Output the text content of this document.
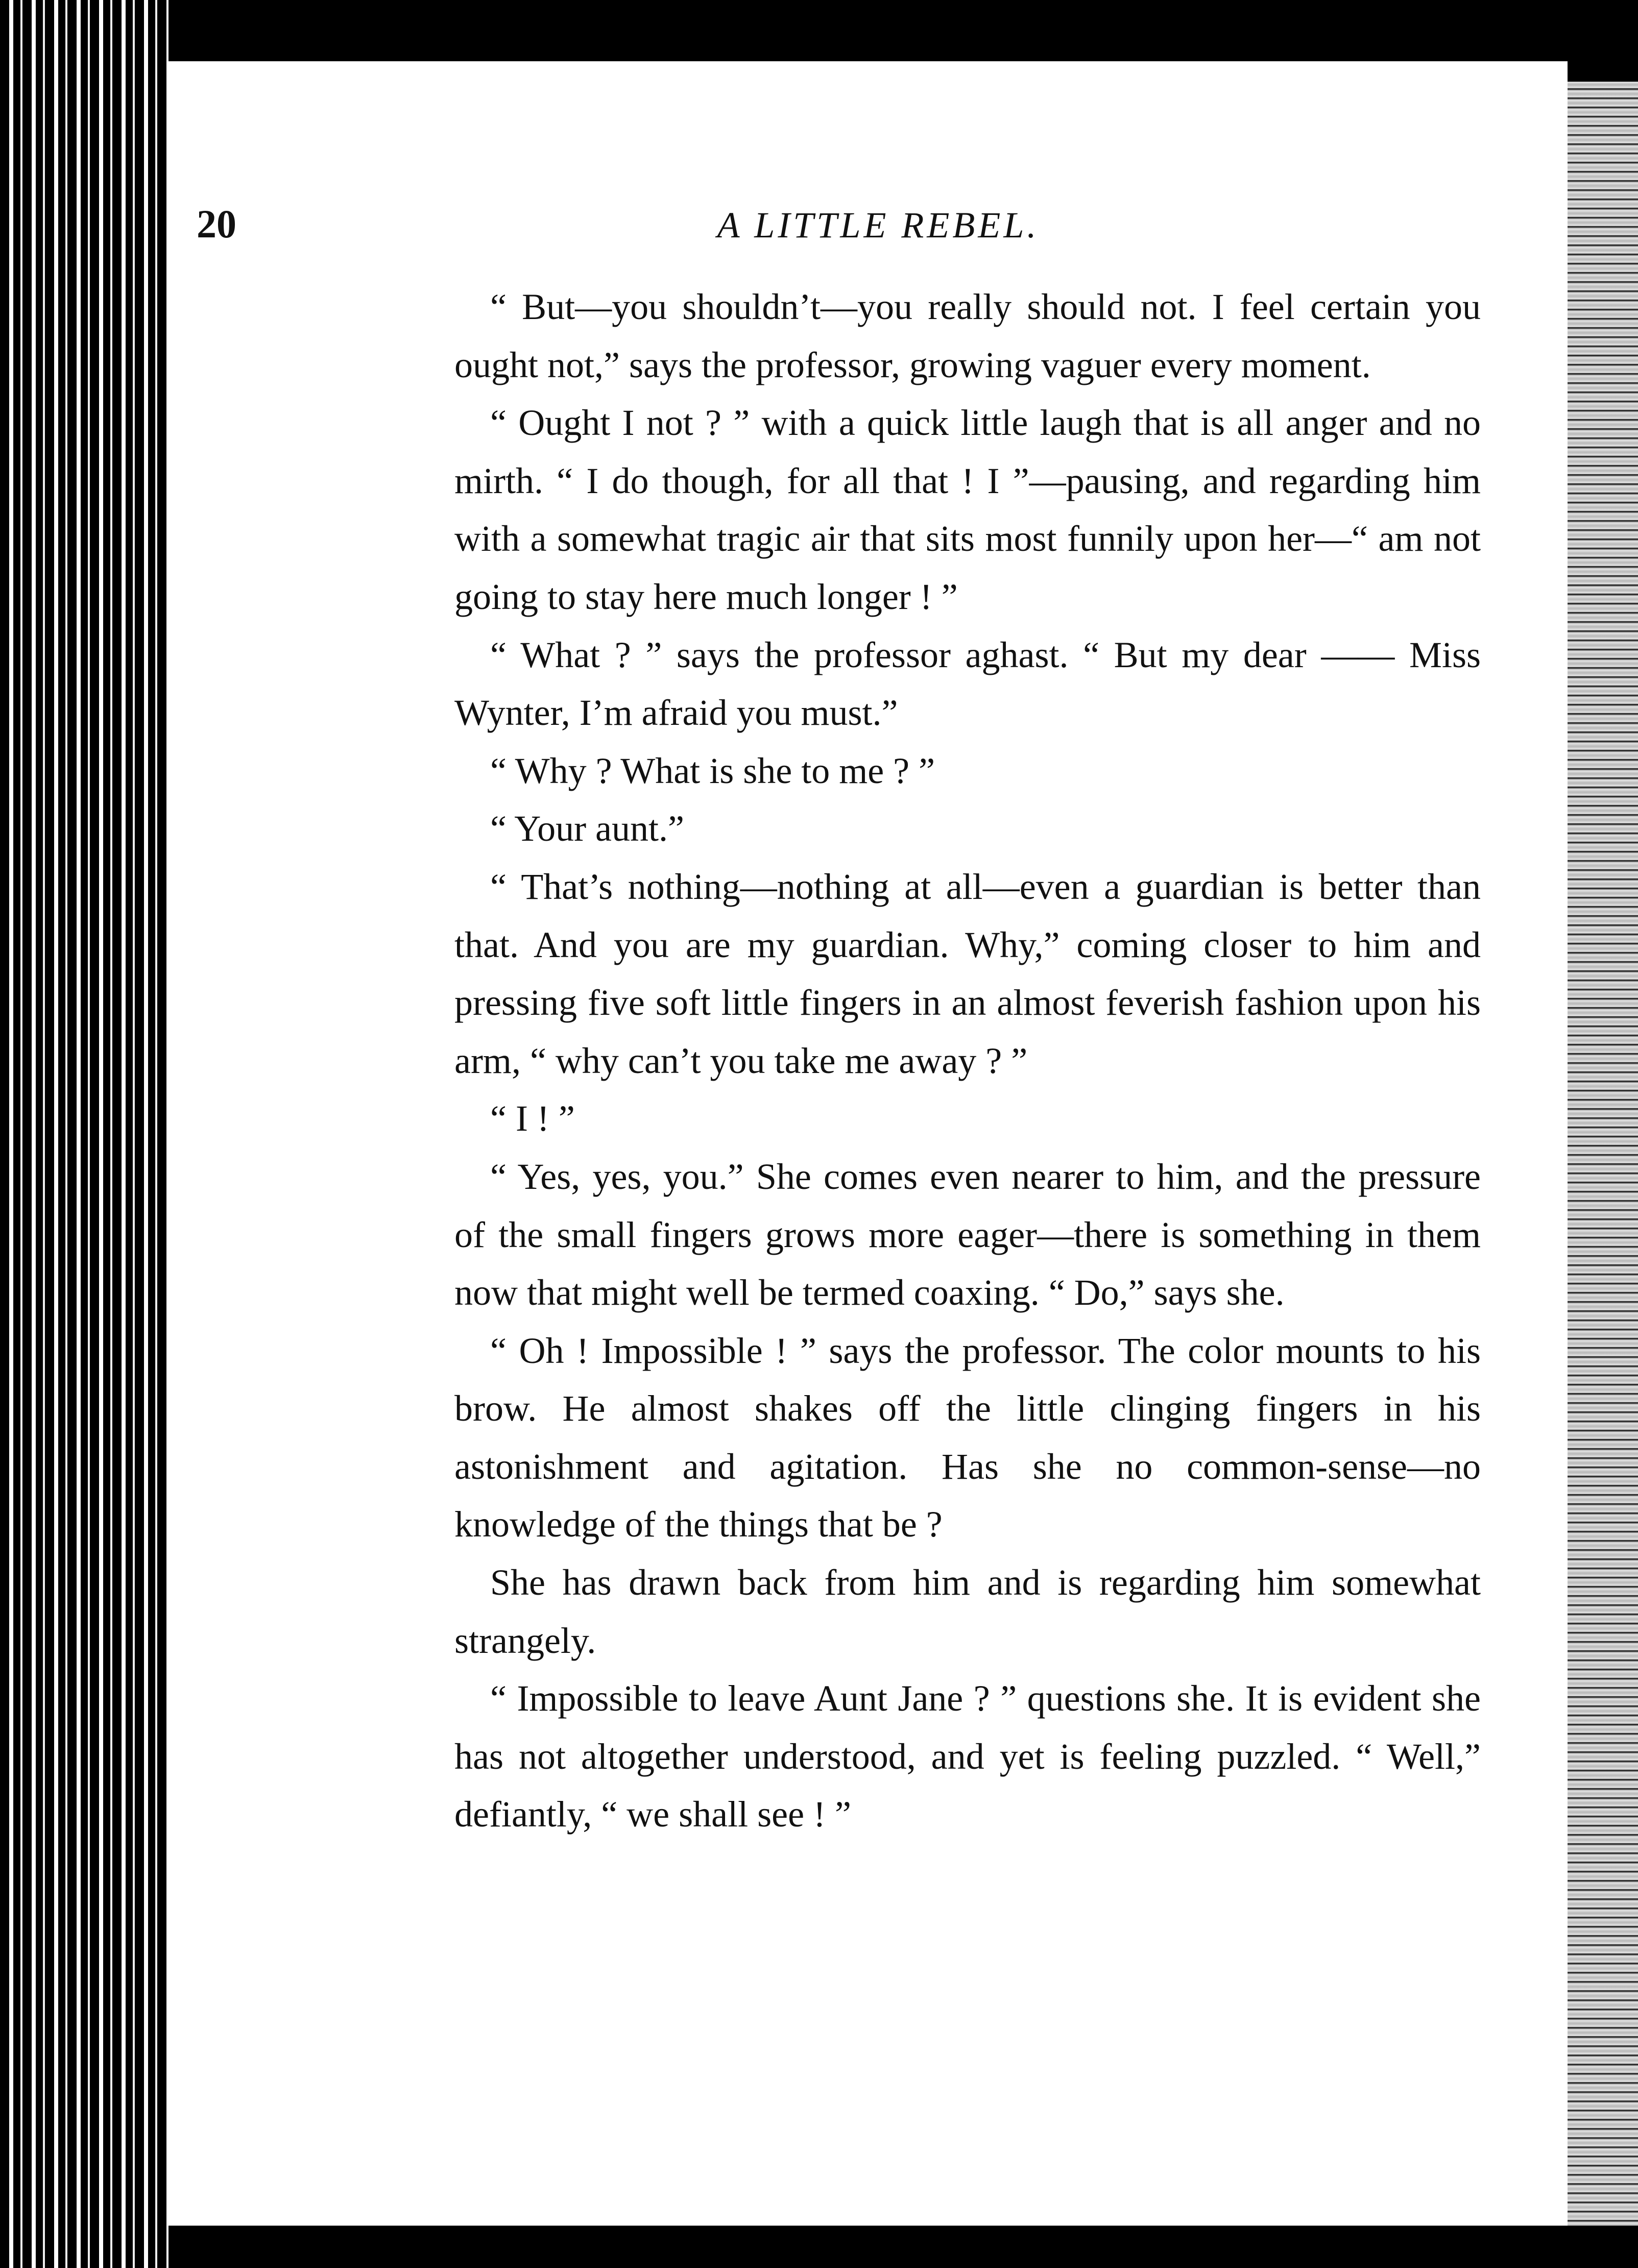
20	A LITTLE REBEL.

“ But—you shouldn’t—you really should not. I feel certain you ought not,” says the professor, growing vaguer every moment.

“ Ought I not ? ” with a quick little laugh that is all anger and no mirth. “ I do though, for all that ! I ”—pausing, and regarding him with a somewhat tragic air that sits most funnily upon her—“ am not going to stay here much longer ! ”

“ What ? ” says the professor aghast. “ But my dear —— Miss Wynter, I’m afraid you must.”

“ Why ? What is she to me ? ”

“ Your aunt.”

“ That’s nothing—nothing at all—even a guardian is better than that. And you are my guardian. Why,” coming closer to him and pressing five soft little fingers in an almost feverish fashion upon his arm, “ why can’t you take me away ? ”

“ I ! ”

“ Yes, yes, you.” She comes even nearer to him, and the pressure of the small fingers grows more eager—there is something in them now that might well be termed coaxing. “ Do,” says she.

“ Oh ! Impossible ! ” says the professor. The color mounts to his brow. He almost shakes off the little clinging fingers in his astonishment and agitation. Has she no common-sense—no knowledge of the things that be ?

She has drawn back from him and is regarding him somewhat strangely.

“ Impossible to leave Aunt Jane ? ” questions she. It is evident she has not altogether understood, and yet is feeling puzzled. “ Well,” defiantly, “ we shall see ! ”
